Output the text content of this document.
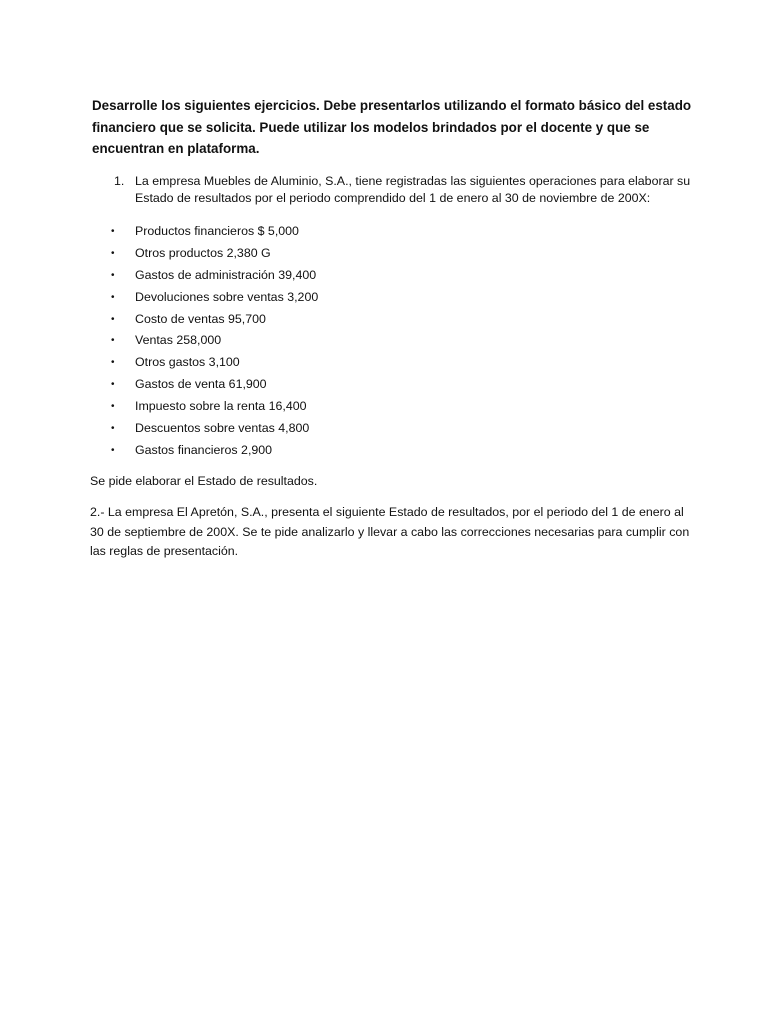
Desarrolle los siguientes ejercicios. Debe presentarlos utilizando el formato básico del estado financiero que se solicita. Puede utilizar los modelos brindados por el docente y que se encuentran en plataforma.

1. La empresa Muebles de Aluminio, S.A., tiene registradas las siguientes operaciones para elaborar su Estado de resultados por el periodo comprendido del 1 de enero al 30 de noviembre de 200X:
• Productos financieros $ 5,000
• Otros productos 2,380 G
• Gastos de administración 39,400
• Devoluciones sobre ventas 3,200
• Costo de ventas 95,700
• Ventas 258,000
• Otros gastos 3,100
• Gastos de venta 61,900
• Impuesto sobre la renta 16,400
• Descuentos sobre ventas 4,800
• Gastos financieros 2,900

Se pide elaborar el Estado de resultados.

2.- La empresa El Apretón, S.A., presenta el siguiente Estado de resultados, por el periodo del 1 de enero al 30 de septiembre de 200X. Se te pide analizarlo y llevar a cabo las correcciones necesarias para cumplir con las reglas de presentación.
